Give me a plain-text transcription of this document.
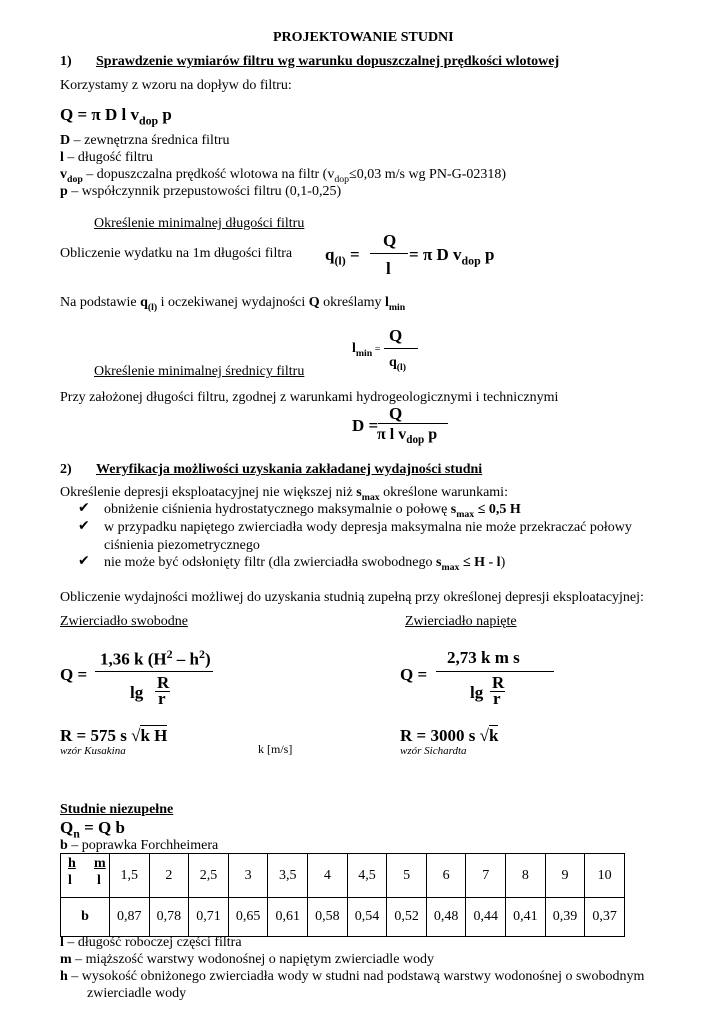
PROJEKTOWANIE STUDNI
1) Sprawdzenie wymiarów filtru wg warunku dopuszczalnej prędkości wlotowej
Korzystamy z wzoru na dopływ do filtru:
Q = π D l $v_{dop}$ p
D – zewnętrzna średnica filtru
l – długość filtru
$v_{dop}$ – dopuszczalna prędkość wlotowa na filtr ($v_{dop}\le 0,03$ m/s wg PN-G-02318)
p – współczynnik przepustowości filtru (0,1-0,25)
Określenie minimalnej długości filtru
Obliczenie wydatku na 1m długości filtra $q_{(l)}$ =
Q
l
= π D $v_{dop}$ p
Na podstawie $q_{(l)}$ i oczekiwanej wydajności Q określamy $l_{min}$
$l_{min}$ =
Q
$q_{(l)}$
Określenie minimalnej średnicy filtru
Przy założonej długości filtru, zgodnej z warunkami hydrogeologicznymi i technicznymi
D =
Q
π l $v_{dop}$ p
2) Weryfikacja możliwości uzyskania zakładanej wydajności studni
Określenie depresji eksploatacyjnej nie większej niż $s_{max}$ określone warunkami:
✔ obniżenie ciśnienia hydrostatycznego maksymalnie o połowę $s_{max} \le 0,5$ H
✔ w przypadku napiętego zwierciadła wody depresja maksymalna nie może przekraczać połowy
ciśnienia piezometrycznego
✔ nie może być odsłonięty filtr (dla zwierciadła swobodnego $s_{max} \le H - l$)
Obliczenie wydajności możliwej do uzyskania studnią zupełną przy określonej depresji eksploatacyjnej:
Zwierciadło swobodne
Q =
1,36 k $(H^2 - h^2)$
lg
R
r
R = 575 s √k H
wzór Kusakina	k [m/s]
Zwierciadło napięte
Q =
2,73 k m s
lg
R
r
R = 3000 s √k
wzór Sichardta
Studnie niezupełne
$Q_n = Q$ b
b – poprawka Forchheimera
h
l
m
l	1,5	2	2,5	3	3,5	4	4,5	5	6	7	8	9	10
b	0,87	0,78	0,71	0,65	0,61	0,58	0,54	0,52	0,48	0,44	0,41	0,39	0,37
l – długość roboczej części filtra
m – miąższość warstwy wodonośnej o napiętym zwierciadle wody
h – wysokość obniżonego zwierciadła wody w studni nad podstawą warstwy wodonośnej o swobodnym
zwierciadle wody
